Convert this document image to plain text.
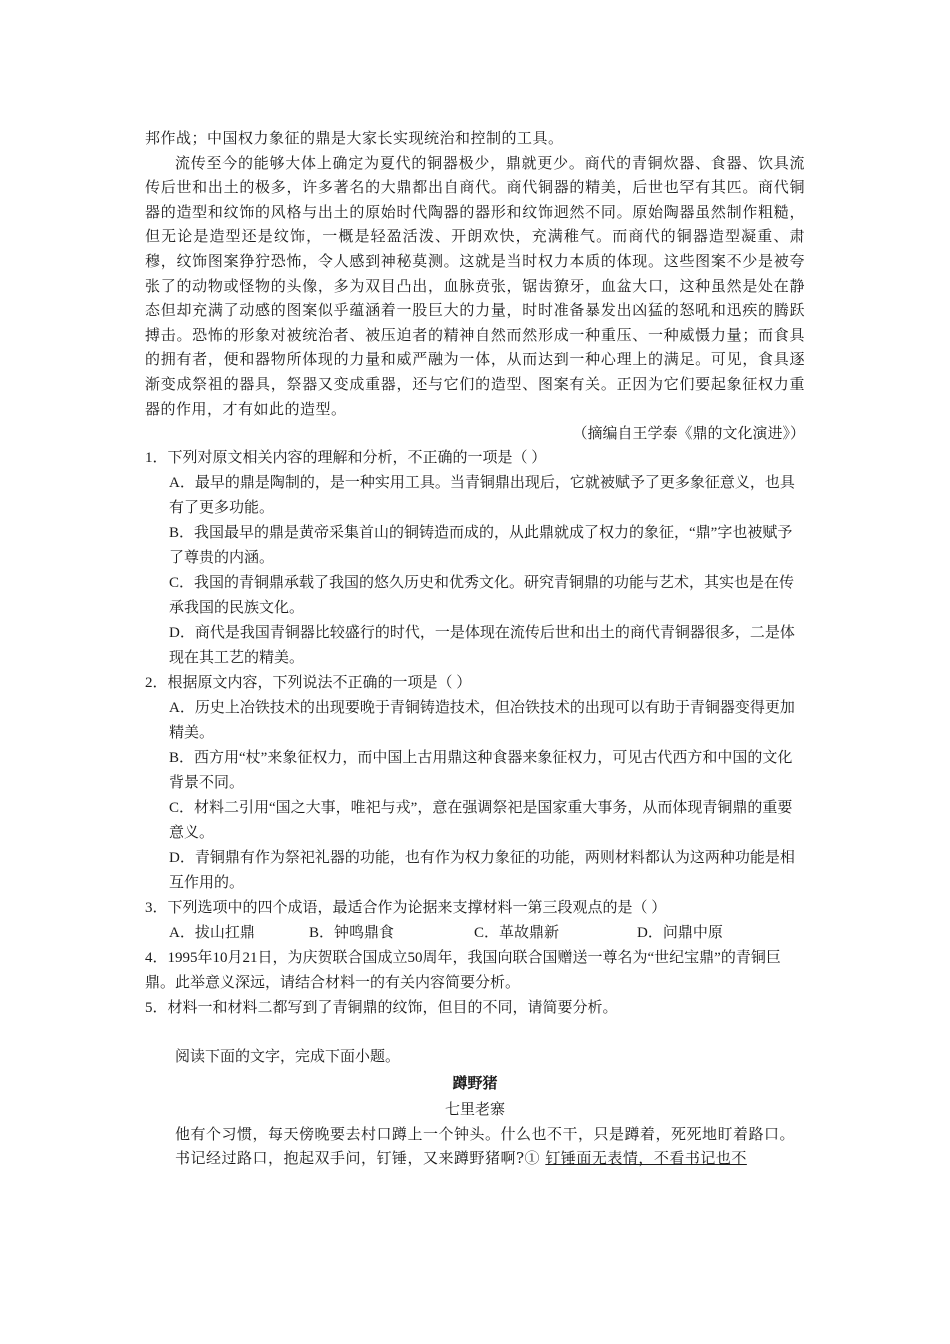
邦作战；中国权力象征的鼎是大家长实现统治和控制的工具。

流传至今的能够大体上确定为夏代的铜器极少，鼎就更少。商代的青铜炊器、食器、饮具流传后世和出土的极多，许多著名的大鼎都出自商代。商代铜器的精美，后世也罕有其匹。商代铜器的造型和纹饰的风格与出土的原始时代陶器的器形和纹饰迥然不同。原始陶器虽然制作粗糙，但无论是造型还是纹饰，一概是轻盈活泼、开朗欢快，充满稚气。而商代的铜器造型凝重、肃穆，纹饰图案狰狞恐怖，令人感到神秘莫测。这就是当时权力本质的体现。这些图案不少是被夸张了的动物或怪物的头像，多为双目凸出，血脉贲张，锯齿獠牙，血盆大口，这种虽然是处在静态但却充满了动感的图案似乎蕴涵着一股巨大的力量，时时准备暴发出凶猛的怒吼和迅疾的腾跃搏击。恐怖的形象对被统治者、被压迫者的精神自然而然形成一种重压、一种威慑力量；而食具的拥有者，便和器物所体现的力量和威严融为一体，从而达到一种心理上的满足。可见，食具逐渐变成祭祖的器具，祭器又变成重器，还与它们的造型、图案有关。正因为它们要起象征权力重器的作用，才有如此的造型。

（摘编自王学泰《鼎的文化演进》）

1．下列对原文相关内容的理解和分析，不正确的一项是（ ）

A．最早的鼎是陶制的，是一种实用工具。当青铜鼎出现后，它就被赋予了更多象征意义，也具有了更多功能。

B．我国最早的鼎是黄帝采集首山的铜铸造而成的，从此鼎就成了权力的象征，“鼎”字也被赋予了尊贵的内涵。

C．我国的青铜鼎承载了我国的悠久历史和优秀文化。研究青铜鼎的功能与艺术，其实也是在传承我国的民族文化。

D．商代是我国青铜器比较盛行的时代，一是体现在流传后世和出土的商代青铜器很多，二是体现在其工艺的精美。

2．根据原文内容，下列说法不正确的一项是（ ）

A．历史上冶铁技术的出现要晚于青铜铸造技术，但冶铁技术的出现可以有助于青铜器变得更加精美。

B．西方用“杖”来象征权力，而中国上古用鼎这种食器来象征权力，可见古代西方和中国的文化背景不同。

C．材料二引用“国之大事，唯祀与戎”，意在强调祭祀是国家重大事务，从而体现青铜鼎的重要意义。

D．青铜鼎有作为祭祀礼器的功能，也有作为权力象征的功能，两则材料都认为这两种功能是相互作用的。

3．下列选项中的四个成语，最适合作为论据来支撑材料一第三段观点的是（ ）

A．拔山扛鼎	B．钟鸣鼎食	C．革故鼎新	D．问鼎中原

4．1995年10月21日，为庆贺联合国成立50周年，我国向联合国赠送一尊名为“世纪宝鼎”的青铜巨鼎。此举意义深远，请结合材料一的有关内容简要分析。

5．材料一和材料二都写到了青铜鼎的纹饰，但目的不同，请简要分析。

阅读下面的文字，完成下面小题。

蹲野猪

七里老寨

他有个习惯，每天傍晚要去村口蹲上一个钟头。什么也不干，只是蹲着，死死地盯着路口。

书记经过路口，抱起双手问，钉锤，又来蹲野猪啊?① 钉锤面无表情，不看书记也不
